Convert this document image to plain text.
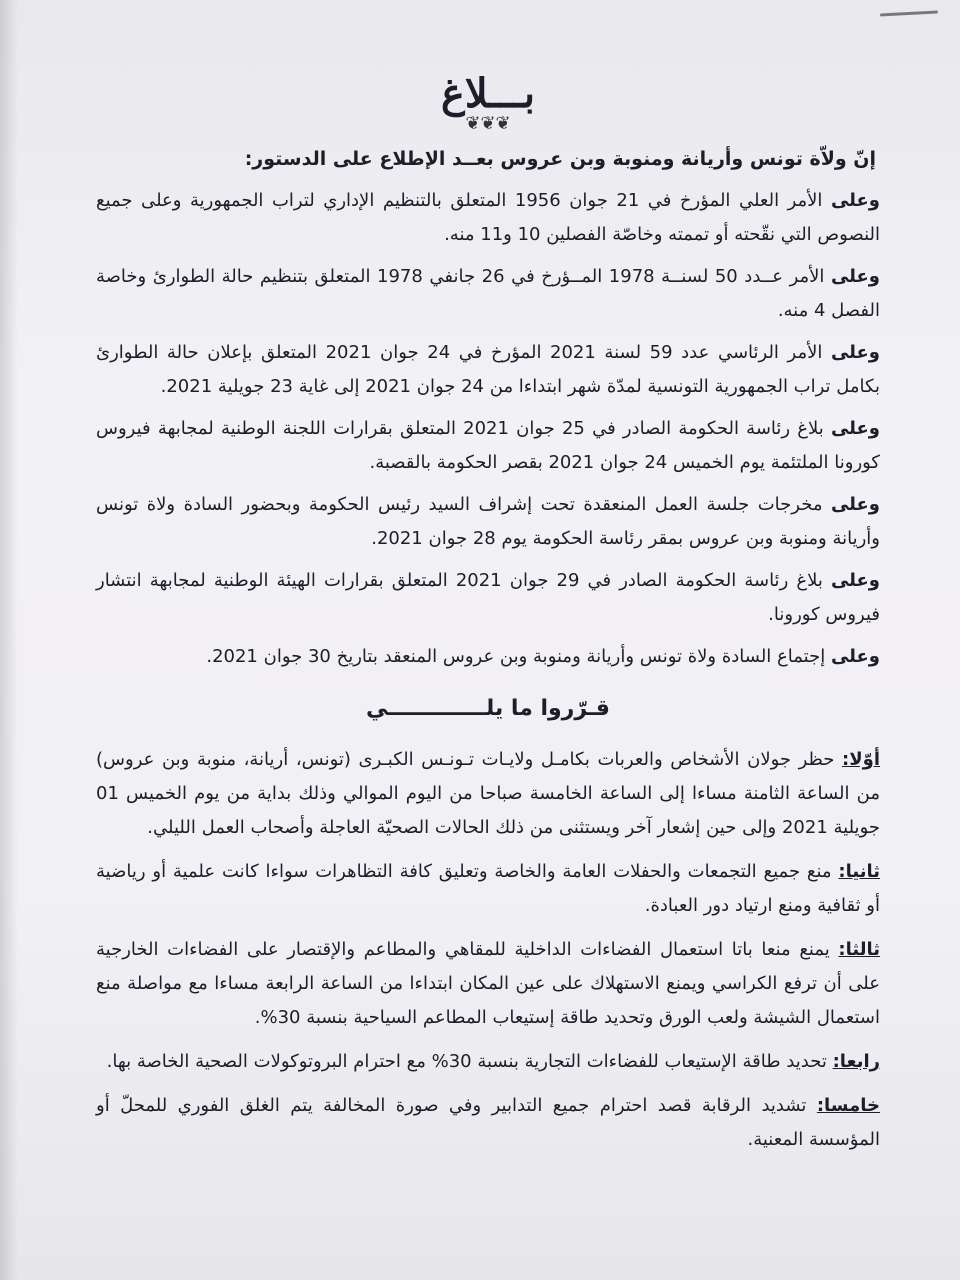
بـــلاغ
❦❦❦

إنّ ولاّة تونس وأريانة ومنوبة وبن عروس بعــد الإطلاع على الدستور:

وعلى الأمر العلي المؤرخ في 21 جوان 1956 المتعلق بالتنظيم الإداري لتراب الجمهورية وعلى جميع النصوص التي نقّحته أو تممته وخاصّة الفصلين 10 و11 منه.

وعلى الأمر عــدد 50 لسنــة 1978 المــؤرخ في 26 جانفي 1978 المتعلق بتنظيم حالة الطوارئ وخاصة الفصل 4 منه.

وعلى الأمر الرئاسي عدد 59 لسنة 2021 المؤرخ في 24 جوان 2021 المتعلق بإعلان حالة الطوارئ بكامل تراب الجمهورية التونسية لمدّة شهر ابتداءا من 24 جوان 2021 إلى غاية 23 جويلية 2021.

وعلى بلاغ رئاسة الحكومة الصادر في 25 جوان 2021 المتعلق بقرارات اللجنة الوطنية لمجابهة فيروس كورونا الملتئمة يوم الخميس 24 جوان 2021 بقصر الحكومة بالقصبة.

وعلى مخرجات جلسة العمل المنعقدة تحت إشراف السيد رئيس الحكومة وبحضور السادة ولاة تونس وأريانة ومنوبة وبن عروس بمقر رئاسة الحكومة يوم 28 جوان 2021.

وعلى بلاغ رئاسة الحكومة الصادر في 29 جوان 2021 المتعلق بقرارات الهيئة الوطنية لمجابهة انتشار فيروس كورونا.

وعلى إجتماع السادة ولاة تونس وأريانة ومنوبة وبن عروس المنعقد بتاريخ 30 جوان 2021.

قـرّروا ما يلـــــــــــــي

أوّلا: حظر جولان الأشخاص والعربات بكامـل ولايـات تـونـس الكبـرى (تونس، أريانة، منوبة وبن عروس) من الساعة الثامنة مساءا إلى الساعة الخامسة صباحا من اليوم الموالي وذلك بداية من يوم الخميس 01 جويلية 2021 وإلى حين إشعار آخر ويستثنى من ذلك الحالات الصحيّة العاجلة وأصحاب العمل الليلي.

ثانيا: منع جميع التجمعات والحفلات العامة والخاصة وتعليق كافة التظاهرات سواءا كانت علمية أو رياضية أو ثقافية ومنع ارتياد دور العبادة.

ثالثا: يمنع منعا باتا استعمال الفضاءات الداخلية للمقاهي والمطاعم والإقتصار على الفضاءات الخارجية على أن ترفع الكراسي ويمنع الاستهلاك على عين المكان ابتداءا من الساعة الرابعة مساءا مع مواصلة منع استعمال الشيشة ولعب الورق وتحديد طاقة إستيعاب المطاعم السياحية بنسبة 30%.

رابعا: تحديد طاقة الإستيعاب للفضاءات التجارية بنسبة 30% مع احترام البروتوكولات الصحية الخاصة بها.

خامسا: تشديد الرقابة قصد احترام جميع التدابير وفي صورة المخالفة يتم الغلق الفوري للمحلّ أو المؤسسة المعنية.
